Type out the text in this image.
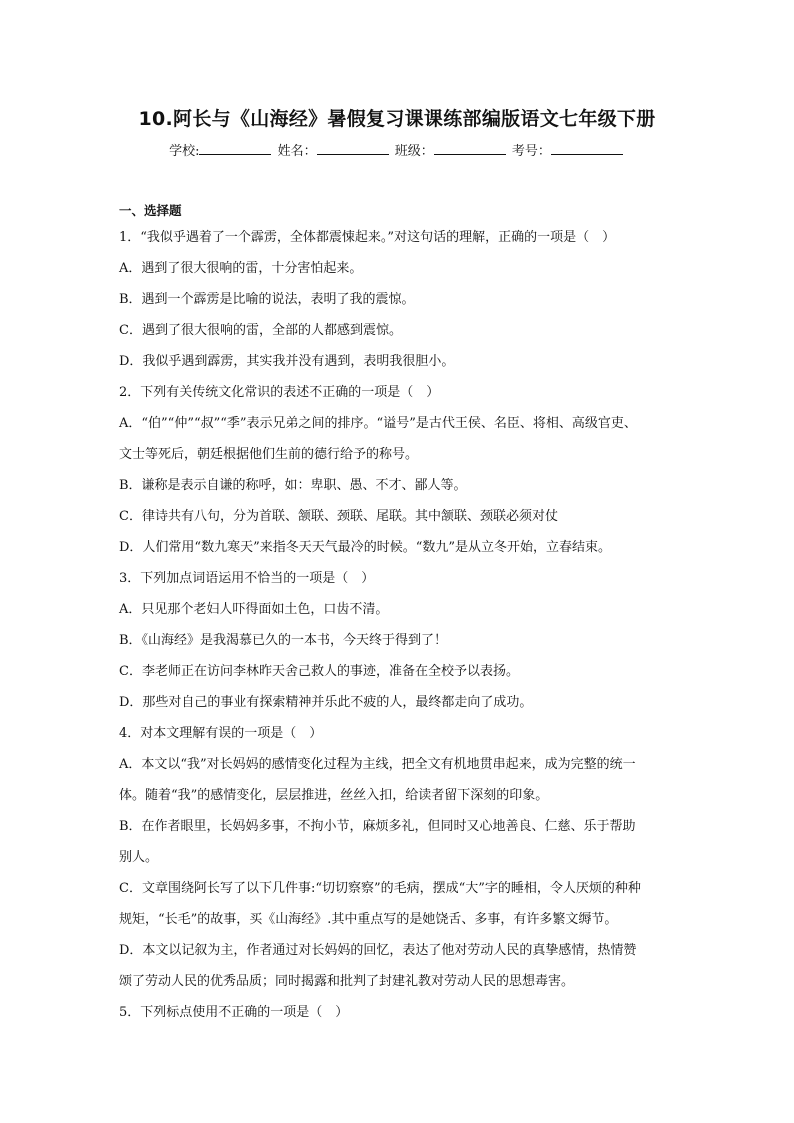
10.阿长与《山海经》暑假复习课课练部编版语文七年级下册
学校:	姓名：	班级：	考号：
一、选择题
1．“我似乎遇着了一个霹雳，全体都震悚起来。”对这句话的理解，正确的一项是（　）
A．遇到了很大很响的雷，十分害怕起来。
B．遇到一个霹雳是比喻的说法，表明了我的震惊。
C．遇到了很大很响的雷，全部的人都感到震惊。
D．我似乎遇到霹雳，其实我并没有遇到，表明我很胆小。
2．下列有关传统文化常识的表述不正确的一项是（　）
A．“伯”“仲”“叔”“季”表示兄弟之间的排序。“谥号”是古代王侯、名臣、将相、高级官吏、
文士等死后，朝廷根据他们生前的德行给予的称号。
B．谦称是表示自谦的称呼，如：卑职、愚、不才、鄙人等。
C．律诗共有八句，分为首联、颔联、颈联、尾联。其中颔联、颈联必须对仗
D．人们常用“数九寒天”来指冬天天气最冷的时候。“数九”是从立冬开始，立春结束。
3．下列加点词语运用不恰当的一项是（　）
A．只见那个老妇人吓得面如土色，口齿不清。
B．《山海经》是我渴慕已久的一本书，今天终于得到了！
C．李老师正在访问李林昨天舍己救人的事迹，准备在全校予以表扬。
D．那些对自己的事业有探索精神并乐此不疲的人，最终都走向了成功。
4．对本文理解有误的一项是（　）
A．本文以“我”对长妈妈的感情变化过程为主线，把全文有机地贯串起来，成为完整的统一
体。随着“我”的感情变化，层层推进，丝丝入扣，给读者留下深刻的印象。
B．在作者眼里，长妈妈多事，不拘小节，麻烦多礼，但同时又心地善良、仁慈、乐于帮助
别人。
C．文章围绕阿长写了以下几件事:“切切察察”的毛病，摆成“大”字的睡相，令人厌烦的种种
规矩，“长毛”的故事，买《山海经》.其中重点写的是她饶舌、多事，有许多繁文缛节。
D．本文以记叙为主，作者通过对长妈妈的回忆，表达了他对劳动人民的真挚感情，热情赞
颂了劳动人民的优秀品质；同时揭露和批判了封建礼教对劳动人民的思想毒害。
5．下列标点使用不正确的一项是（　）
